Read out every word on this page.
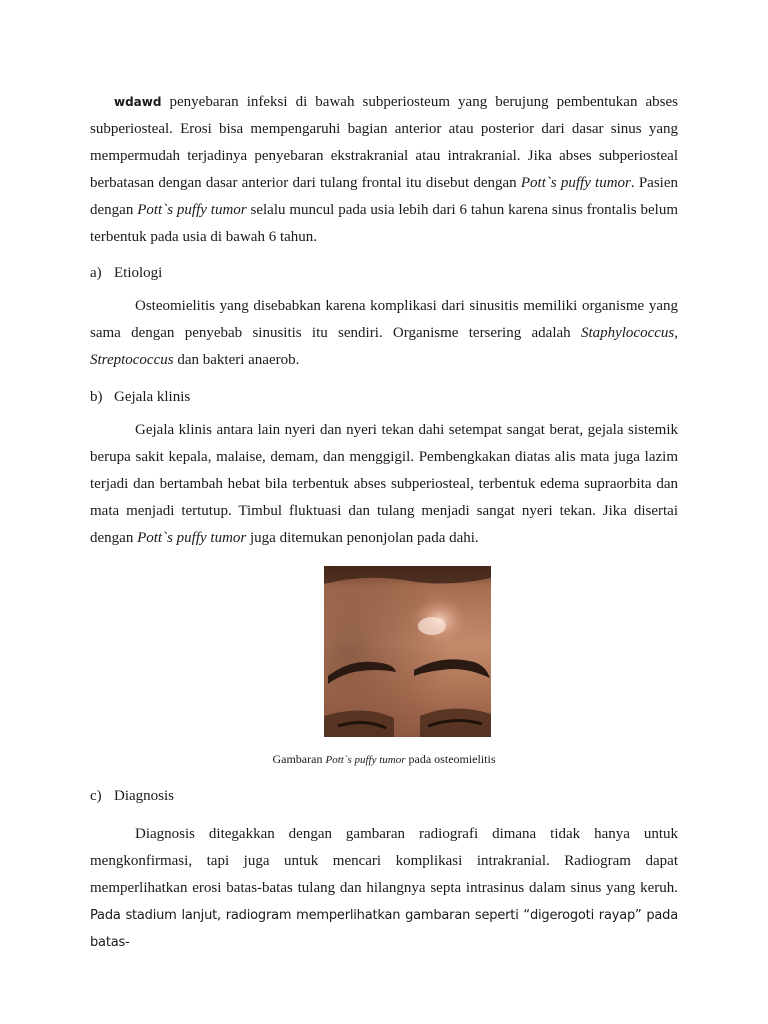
wdawd penyebaran infeksi di bawah subperiosteum yang berujung pembentukan abses subperiosteal. Erosi bisa mempengaruhi bagian anterior atau posterior dari dasar sinus yang mempermudah terjadinya penyebaran ekstrakranial atau intrakranial. Jika abses subperiosteal berbatasan dengan dasar anterior dari tulang frontal itu disebut dengan Pott`s puffy tumor. Pasien dengan Pott`s puffy tumor selalu muncul pada usia lebih dari 6 tahun karena sinus frontalis belum terbentuk pada usia di bawah 6 tahun.

a) Etiologi

Osteomielitis yang disebabkan karena komplikasi dari sinusitis memiliki organisme yang sama dengan penyebab sinusitis itu sendiri. Organisme tersering adalah Staphylococcus, Streptococcus dan bakteri anaerob.

b) Gejala klinis

Gejala klinis antara lain nyeri dan nyeri tekan dahi setempat sangat berat, gejala sistemik berupa sakit kepala, malaise, demam, dan menggigil. Pembengkakan diatas alis mata juga lazim terjadi dan bertambah hebat bila terbentuk abses subperiosteal, terbentuk edema supraorbita dan mata menjadi tertutup. Timbul fluktuasi dan tulang menjadi sangat nyeri tekan. Jika disertai dengan Pott`s puffy tumor juga ditemukan penonjolan pada dahi.

Gambaran Pott`s puffy tumor pada osteomielitis

c) Diagnosis

Diagnosis ditegakkan dengan gambaran radiografi dimana tidak hanya untuk mengkonfirmasi, tapi juga untuk mencari komplikasi intrakranial. Radiogram dapat memperlihatkan erosi batas-batas tulang dan hilangnya septa intrasinus dalam sinus yang keruh. Pada stadium lanjut, radiogram memperlihatkan gambaran seperti “digerogoti rayap” pada batas-
